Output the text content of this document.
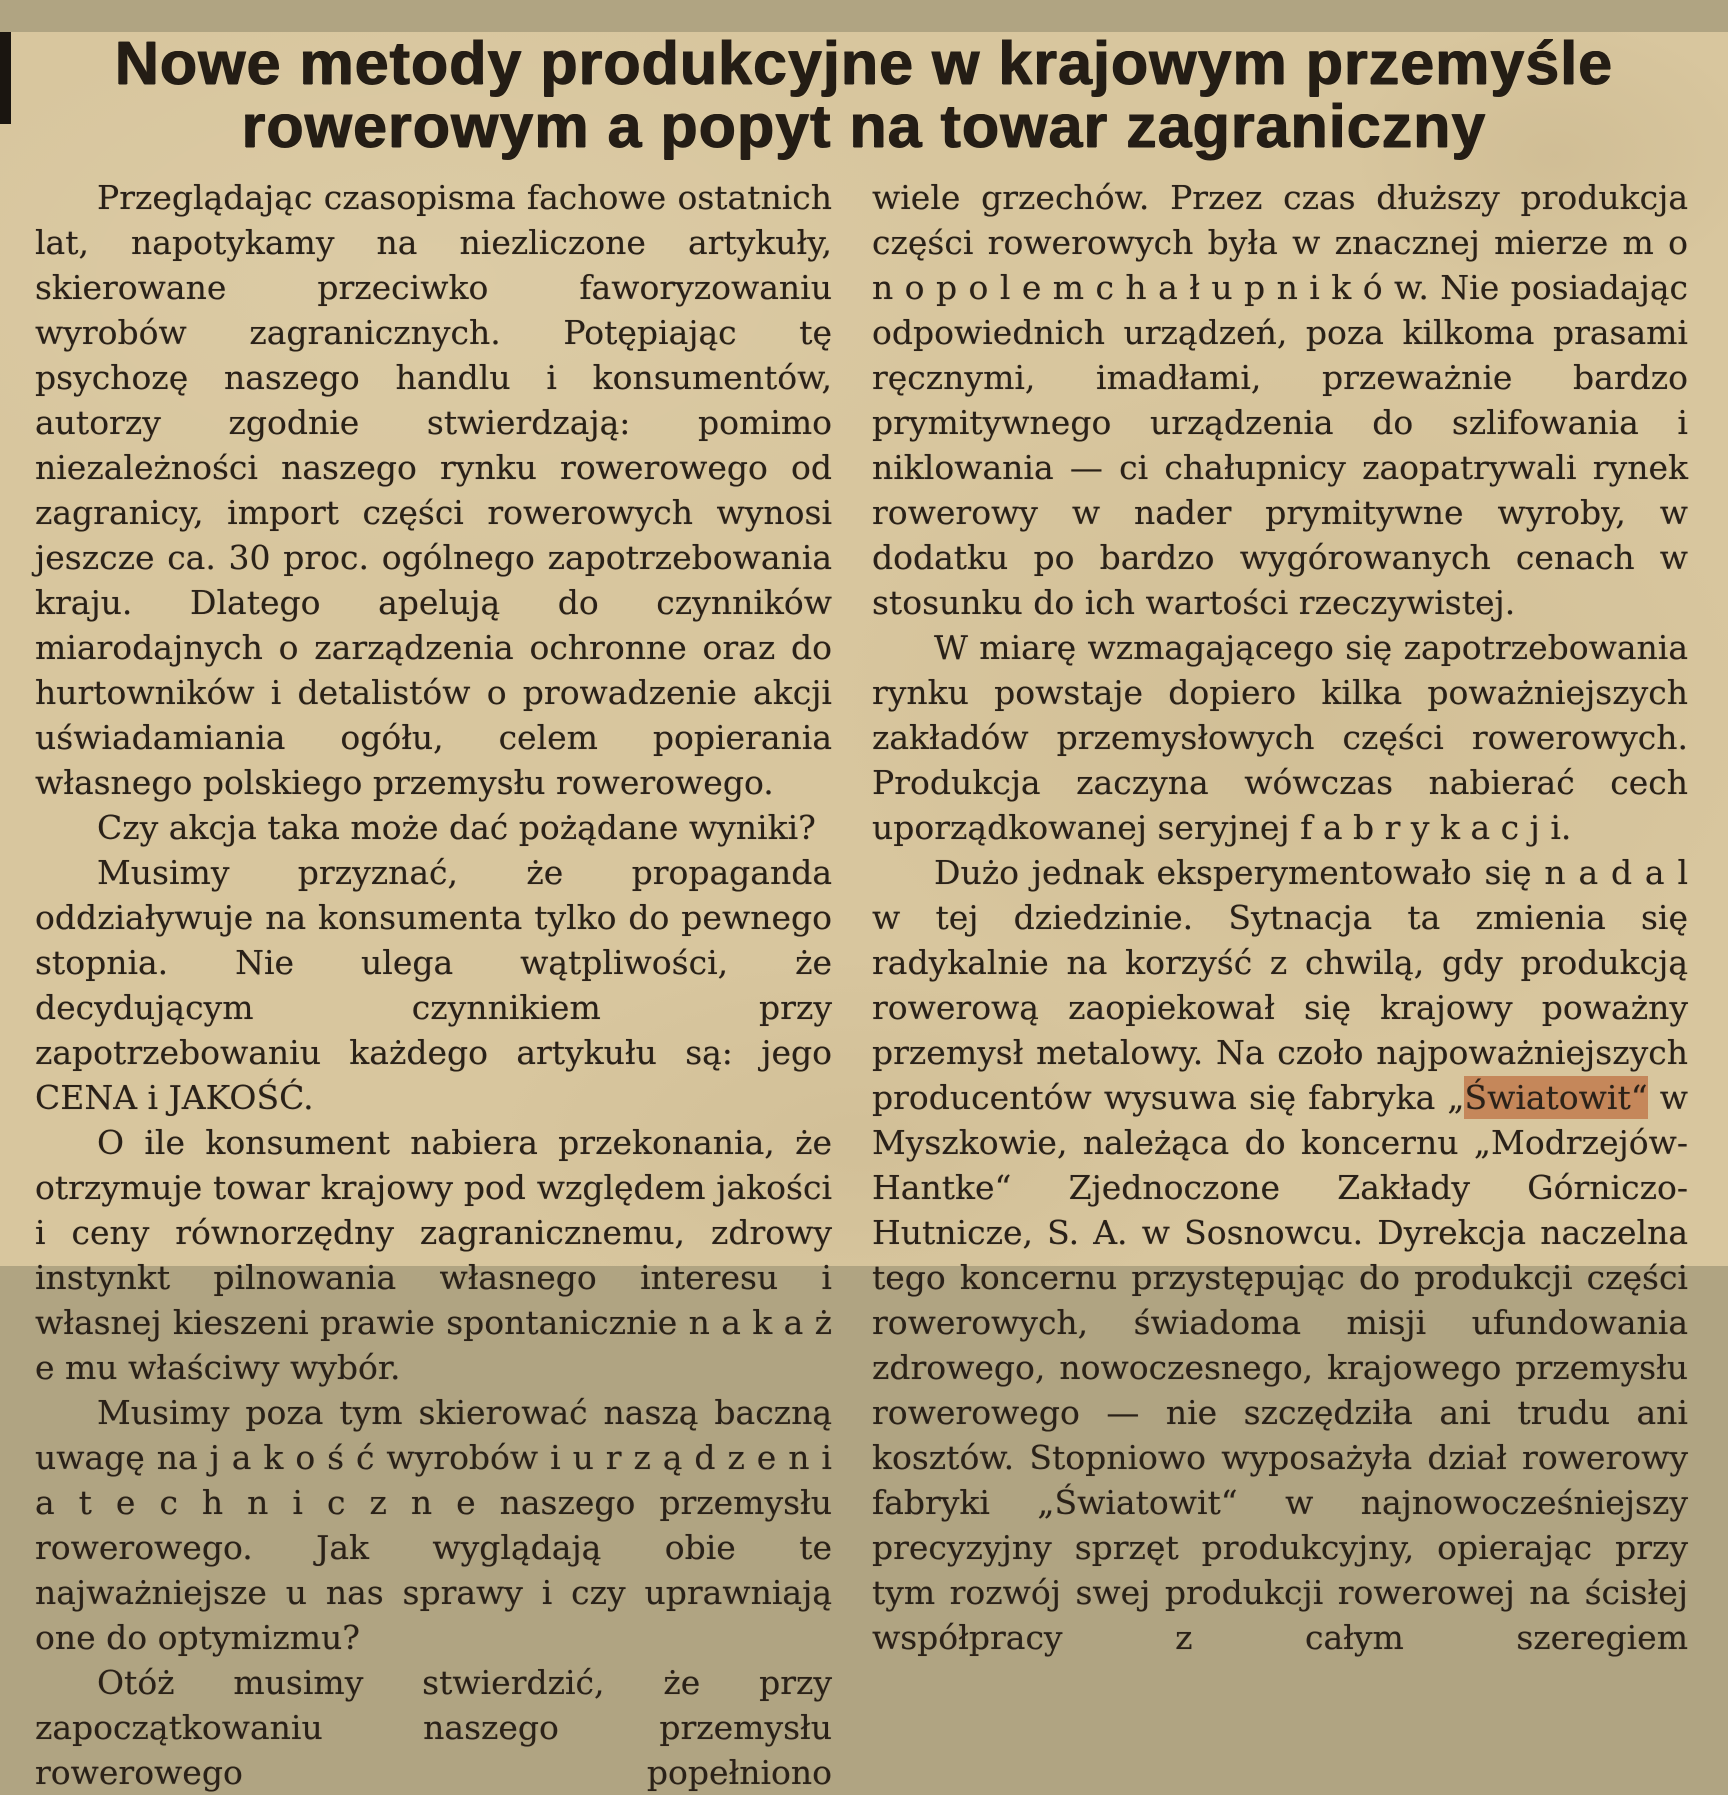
Nowe metody produkcyjne w krajowym przemyśle
rowerowym a popyt na towar zagraniczny

Przeglądając czasopisma fachowe ostatnich lat, napotykamy na niezliczone artykuły, skierowane przeciwko faworyzowaniu wyrobów zagranicznych. Potępiając tę psychozę naszego handlu i konsumentów, autorzy zgodnie stwierdzają: pomimo niezależności naszego rynku rowerowego od zagranicy, import części rowerowych wynosi jeszcze ca. 30 proc. ogólnego zapotrzebowania kraju. Dlatego apelują do czynników miarodajnych o zarządzenia ochronne oraz do hurtowników i detalistów o prowadzenie akcji uświadamiania ogółu, celem popierania własnego polskiego przemysłu rowerowego.

Czy akcja taka może dać pożądane wyniki?

Musimy przyznać, że propaganda oddziaływuje na konsumenta tylko do pewnego stopnia. Nie ulega wątpliwości, że decydującym czynnikiem przy zapotrzebowaniu każdego artykułu są: jego CENA i JAKOŚĆ.

O ile konsument nabiera przekonania, że otrzymuje towar krajowy pod względem jakości i ceny równorzędny zagranicznemu, zdrowy instynkt pilnowania własnego interesu i własnej kieszeni prawie spontanicznie n a k a ż e mu właściwy wybór.

Musimy poza tym skierować naszą baczną uwagę na j a k o ś ć wyrobów i u r z ą d z e n i a t e c h n i c z n e naszego przemysłu rowerowego. Jak wyglądają obie te najważniejsze u nas sprawy i czy uprawniają one do optymizmu?

Otóż musimy stwierdzić, że przy zapoczątkowaniu naszego przemysłu rowerowego popełniono

wiele grzechów. Przez czas dłuższy produkcja części rowerowych była w znacznej mierze m o n o p o l e m c h a ł u p n i k ó w. Nie posiadając odpowiednich urządzeń, poza kilkoma prasami ręcznymi, imadłami, przeważnie bardzo prymitywnego urządzenia do szlifowania i niklowania — ci chałupnicy zaopatrywali rynek rowerowy w nader prymitywne wyroby, w dodatku po bardzo wygórowanych cenach w stosunku do ich wartości rzeczywistej.

W miarę wzmagającego się zapotrzebowania rynku powstaje dopiero kilka poważniejszych zakładów przemysłowych części rowerowych. Produkcja zaczyna wówczas nabierać cech uporządkowanej seryjnej f a b r y k a c j i.

Dużo jednak eksperymentowało się n a d a l w tej dziedzinie. Sytnacja ta zmienia się radykalnie na korzyść z chwilą, gdy produkcją rowerową zaopiekował się krajowy poważny przemysł metalowy. Na czoło najpoważniejszych producentów wysuwa się fabryka „Światowit“ w Myszkowie, należąca do koncernu „Modrzejów-Hantke“ Zjednoczone Zakłady Górniczo-Hutnicze, S. A. w Sosnowcu. Dyrekcja naczelna tego koncernu przystępując do produkcji części rowerowych, świadoma misji ufundowania zdrowego, nowoczesnego, krajowego przemysłu rowerowego — nie szczędziła ani trudu ani kosztów. Stopniowo wyposażyła dział rowerowy fabryki „Światowit“ w najnowocześniejszy precyzyjny sprzęt produkcyjny, opierając przy tym rozwój swej produkcji rowerowej na ścisłej współpracy z całym szeregiem
